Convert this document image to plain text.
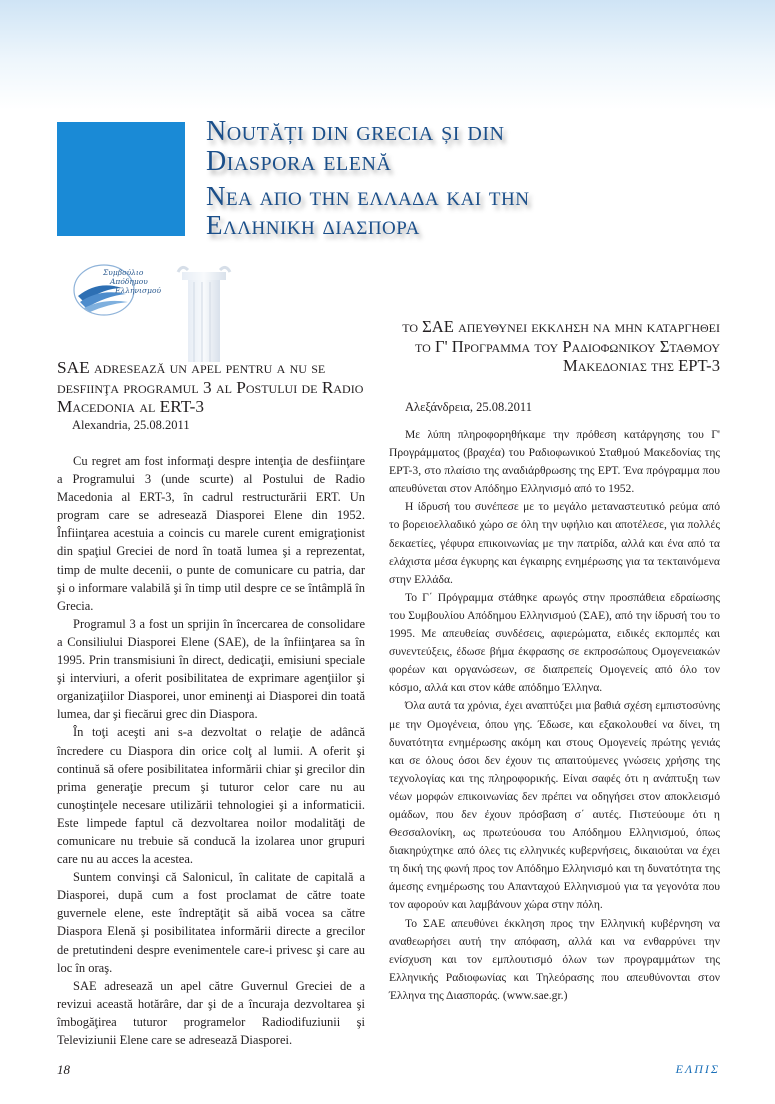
Noutăți din grecia și din
Diaspora elenă
Nεα απο την ελλαδα και την
Ελληνικη διασπορα
Συμβούλιο
Απόδημου
Ελληνισμού
το ΣΑΕ απευθυνει εκκληση να μην καταργηθει το Γ' Προγραμμα του Ραδιοφωνικου Σταθμου Μακεδονιας της ΕΡΤ-3
Αλεξάνδρεια, 25.08.2011
SAE adresează un apel pentru a nu se desfiinţa programul 3 al Postului de Radio Macedonia al ERT-3
Alexandria, 25.08.2011

Cu regret am fost informaţi despre intenţia de desfiinţare a Programului 3 (unde scurte) al Postului de Radio Macedonia al ERT-3, în cadrul restructurării ERT. Un program care se adresează Diasporei Elene din 1952. Înfiinţarea acestuia a coincis cu marele curent emigraţionist din spaţiul Greciei de nord în toată lumea şi a reprezentat, timp de multe decenii, o punte de comunicare cu patria, dar şi o informare valabilă şi în timp util despre ce se întâmplă în Grecia.

Programul 3 a fost un sprijin în încercarea de consolidare a Consiliului Diasporei Elene (SAE), de la înfiinţarea sa în 1995. Prin transmisiuni în direct, dedicaţii, emisiuni speciale şi interviuri, a oferit posibilitatea de exprimare agenţiilor şi organizaţiilor Diasporei, unor eminenţi ai Diasporei din toată lumea, dar şi fiecărui grec din Diaspora.

În toţi aceşti ani s-a dezvoltat o relaţie de adâncă încredere cu Diaspora din orice colţ al lumii. A oferit şi continuă să ofere posibilitatea informării chiar şi grecilor din prima generaţie precum şi tuturor celor care nu au cunoştinţele necesare utilizării tehnologiei şi a informaticii. Este limpede faptul că dezvoltarea noilor modalităţi de comunicare nu trebuie să conducă la izolarea unor grupuri care nu au acces la acestea.

Suntem convinşi că Salonicul, în calitate de capitală a Diasporei, după cum a fost proclamat de către toate guvernele elene, este îndreptăţit să aibă vocea sa către Diaspora Elenă şi posibilitatea informării directe a grecilor de pretutindeni despre evenimentele care-i privesc şi care au loc în oraş.

SAE adresează un apel către Guvernul Greciei de a revizui această hotărâre, dar şi de a încuraja dezvoltarea şi îmbogăţirea tuturor programelor Radiodifuziunii şi Televiziunii Elene care se adresează Diasporei.

Με λύπη πληροφορηθήκαμε την πρόθεση κατάργησης του Γ' Προγράμματος (βραχέα) του Ραδιοφωνικού Σταθμού Μακεδονίας της ΕΡΤ-3, στο πλαίσιο της αναδιάρθρωσης της ΕΡΤ. Ένα πρόγραμμα που απευθύνεται στον Απόδημο Ελληνισμό από το 1952.

Η ίδρυσή του συνέπεσε με το μεγάλο μεταναστευτικό ρεύμα από το βορειοελλαδικό χώρο σε όλη την υφήλιο και αποτέλεσε, για πολλές δεκαετίες, γέφυρα επικοινωνίας με την πατρίδα, αλλά και ένα από τα ελάχιστα μέσα έγκυρης και έγκαιρης ενημέρωσης για τα τεκταινόμενα στην Ελλάδα.

Το Γ΄ Πρόγραμμα στάθηκε αρωγός στην προσπάθεια εδραίωσης του Συμβουλίου Απόδημου Ελληνισμού (ΣΑΕ), από την ίδρυσή του το 1995. Με απευθείας συνδέσεις, αφιερώματα, ειδικές εκπομπές και συνεντεύξεις, έδωσε βήμα έκφρασης σε εκπροσώπους Ομογενειακών φορέων και οργανώσεων, σε διαπρεπείς Ομογενείς από όλο τον κόσμο, αλλά και στον κάθε απόδημο Έλληνα.

Όλα αυτά τα χρόνια, έχει αναπτύξει μια βαθιά σχέση εμπιστοσύνης με την Ομογένεια, όπου γης. Έδωσε, και εξακολουθεί να δίνει, τη δυνατότητα ενημέρωσης ακόμη και στους Ομογενείς πρώτης γενιάς και σε όλους όσοι δεν έχουν τις απαιτούμενες γνώσεις χρήσης της τεχνολογίας και της πληροφορικής. Είναι σαφές ότι η ανάπτυξη των νέων μορφών επικοινωνίας δεν πρέπει να οδηγήσει στον αποκλεισμό ομάδων, που δεν έχουν πρόσβαση σ΄ αυτές. Πιστεύουμε ότι η Θεσσαλονίκη, ως πρωτεύουσα του Απόδημου Ελληνισμού, όπως διακηρύχτηκε από όλες τις ελληνικές κυβερνήσεις, δικαιούται να έχει τη δική της φωνή προς τον Απόδημο Ελληνισμό και τη δυνατότητα της άμεσης ενημέρωσης του Απανταχού Ελληνισμού για τα γεγονότα που τον αφορούν και λαμβάνουν χώρα στην πόλη.

Το ΣΑΕ απευθύνει έκκληση προς την Ελληνική κυβέρνηση να αναθεωρήσει αυτή την απόφαση, αλλά και να ενθαρρύνει την ενίσχυση και τον εμπλουτισμό όλων των προγραμμάτων της Ελληνικής Ραδιοφωνίας και Τηλεόρασης που απευθύνονται στον Έλληνα της Διασποράς. (www.sae.gr.)

18	ΕΛΠΙΣ
